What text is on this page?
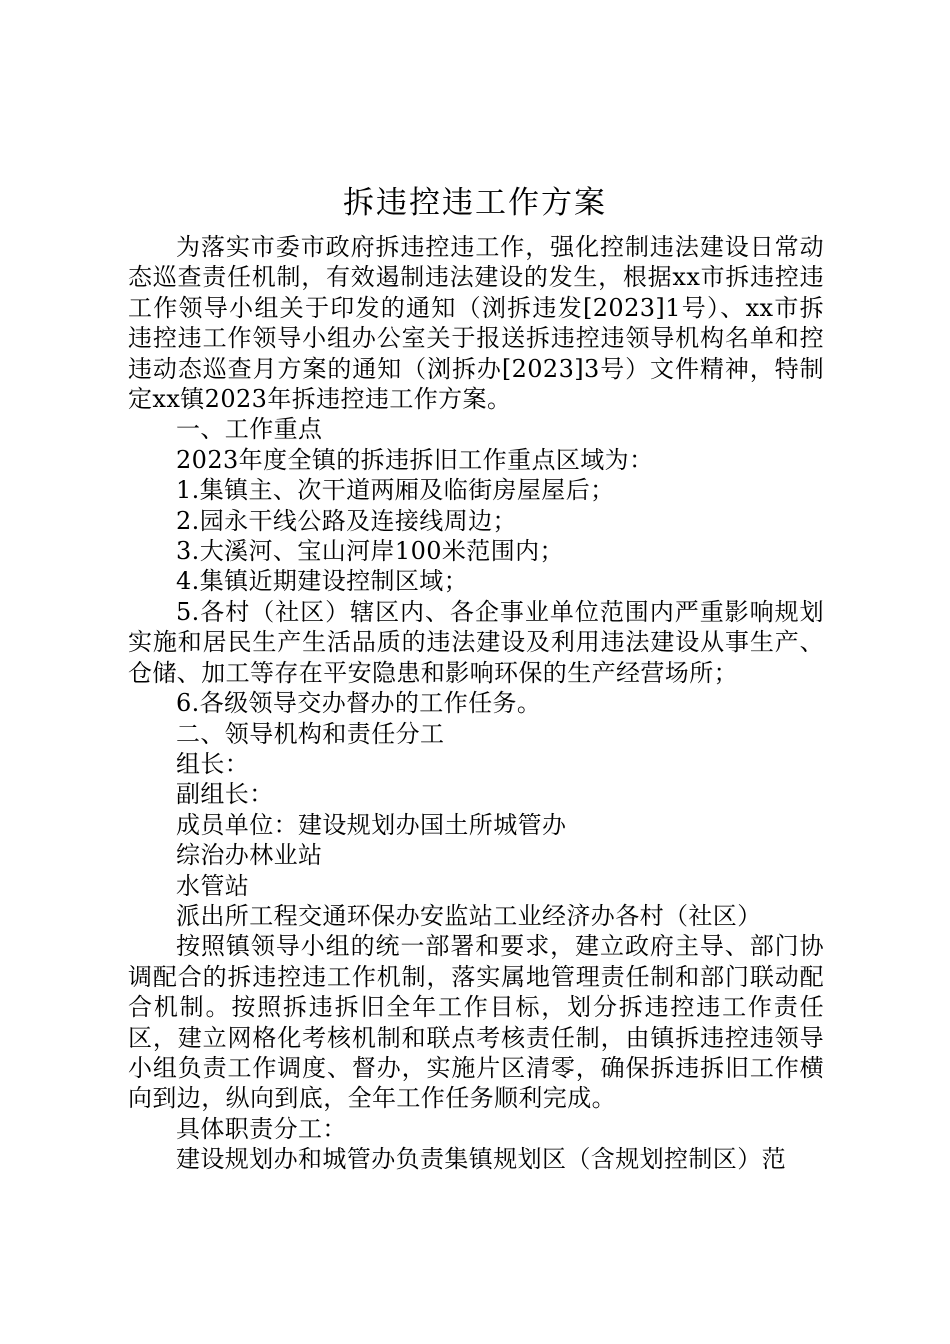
拆违控违工作方案

为落实市委市政府拆违控违工作，强化控制违法建设日常动态巡查责任机制，有效遏制违法建设的发生，根据xx市拆违控违工作领导小组关于印发的通知（浏拆违发[2023]1号）、xx市拆违控违工作领导小组办公室关于报送拆违控违领导机构名单和控违动态巡查月方案的通知（浏拆办[2023]3号）文件精神，特制定xx镇2023年拆违控违工作方案。

一、工作重点

2023年度全镇的拆违拆旧工作重点区域为：

1.集镇主、次干道两厢及临街房屋屋后；

2.园永干线公路及连接线周边；

3.大溪河、宝山河岸100米范围内；

4.集镇近期建设控制区域；

5.各村（社区）辖区内、各企事业单位范围内严重影响规划实施和居民生产生活品质的违法建设及利用违法建设从事生产、仓储、加工等存在平安隐患和影响环保的生产经营场所；

6.各级领导交办督办的工作任务。

二、领导机构和责任分工

组长：

副组长：

成员单位：建设规划办国土所城管办

综治办林业站

水管站

派出所工程交通环保办安监站工业经济办各村（社区）

按照镇领导小组的统一部署和要求，建立政府主导、部门协调配合的拆违控违工作机制，落实属地管理责任制和部门联动配合机制。按照拆违拆旧全年工作目标，划分拆违控违工作责任区，建立网格化考核机制和联点考核责任制，由镇拆违控违领导小组负责工作调度、督办，实施片区清零，确保拆违拆旧工作横向到边，纵向到底，全年工作任务顺利完成。

具体职责分工：

建设规划办和城管办负责集镇规划区（含规划控制区）范
